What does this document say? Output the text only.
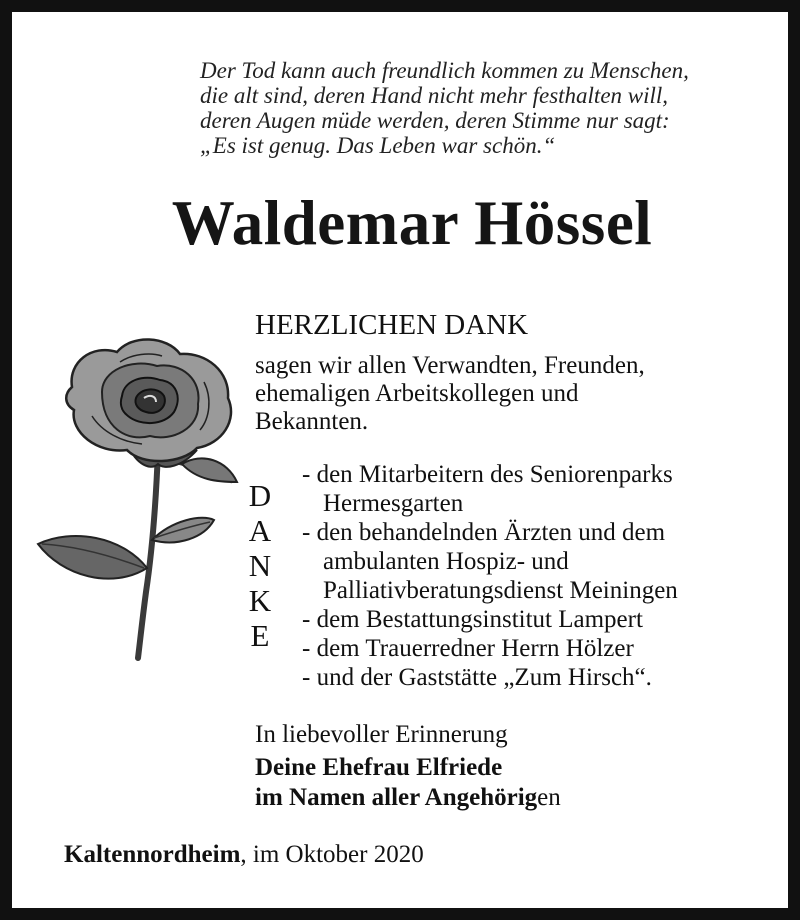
Der Tod kann auch freundlich kommen zu Menschen,
die alt sind, deren Hand nicht mehr festhalten will,
deren Augen müde werden, deren Stimme nur sagt:
„Es ist genug. Das Leben war schön.“
Waldemar Hössel
HERZLICHEN DANK
sagen wir allen Verwandten, Freunden,
ehemaligen Arbeitskollegen und
Bekannten.
D
A
N
K
E
- den Mitarbeitern des Seniorenparks
Hermesgarten
- den behandelnden Ärzten und dem
ambulanten Hospiz- und
Palliativberatungsdienst Meiningen
- dem Bestattungsinstitut Lampert
- dem Trauerredner Herrn Hölzer
- und der Gaststätte „Zum Hirsch“.
In liebevoller Erinnerung
Deine Ehefrau Elfriede
im Namen aller Angehörigen
Kaltennordheim, im Oktober 2020
